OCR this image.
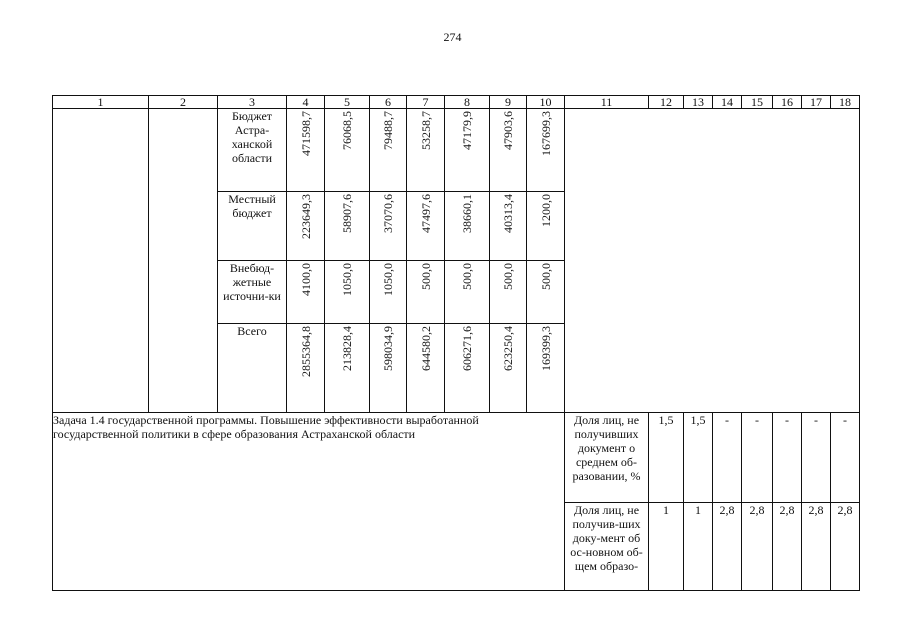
274
1	2	3	4	5	6	7	8	9	10	11	12	13	14	15	16	17	18
		Бюджет Астра-ханской области	471598,7	76068,5	79488,7	53258,7	47179,9	47903,6	167699,3								
		Местный бюджет	223649,3	58907,6	37070,6	47497,6	38660,1	40313,4	1200,0								
		Внебюд-жетные источни-ки	4100,0	1050,0	1050,0	500,0	500,0	500,0	500,0								
		Всего	2855364,8	213828,4	598034,9	644580,2	606271,6	623250,4	169399,3								
Задача 1.4 государственной программы. Повышение эффективности выработанной государственной политики в сфере образования Астраханской области										Доля лиц, не получивших документ о среднем об-разовании, %	1,5	1,5	-	-	-	-	-
										Доля лиц, не получив-ших доку-мент об ос-новном об-щем образо-	1	1	2,8	2,8	2,8	2,8	2,8
